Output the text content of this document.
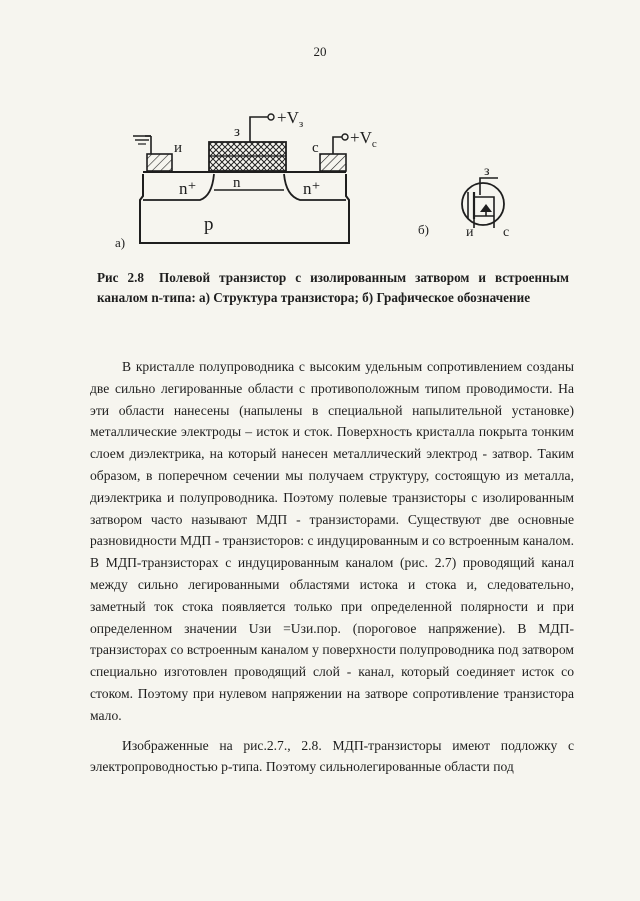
20
и
з
с
$+V_з$
$+V_с$
n⁺ n	n⁺
p
а)
з
и с
б)
Рис 2.8 Полевой транзистор с изолированным затвором и встроенным каналом n-типа: а) Структура транзистора; б) Графическое обозначение

В кристалле полупроводника с высоким удельным сопротивлением созданы две сильно легированные области с противоположным типом проводимости. На эти области нанесены (напылены в специальной напылительной установке) металлические электроды – исток и сток. Поверхность кристалла покрыта тонким слоем диэлектрика, на который нанесен металлический электрод - затвор. Таким образом, в поперечном сечении мы получаем структуру, состоящую из металла, диэлектрика и полупроводника. Поэтому полевые транзисторы с изолированным затвором часто называют МДП - транзисторами. Существуют две основные разновидности МДП - транзисторов: с индуцированным и со встроенным каналом. В МДП-транзисторах с индуцированным каналом (рис. 2.7) проводящий канал между сильно легированными областями истока и стока и, следовательно, заметный ток стока появляется только при определенной полярности и при определенном значении Uзи =Uзи.пор. (пороговое напряжение). В МДП-транзисторах со встроенным каналом у поверхности полупроводника под затвором специально изготовлен проводящий слой - канал, который соединяет исток со стоком. Поэтому при нулевом напряжении на затворе сопротивление транзистора мало.

Изображенные на рис.2.7., 2.8. МДП-транзисторы имеют подложку с электропроводностью p-типа. Поэтому сильнолегированные области под
